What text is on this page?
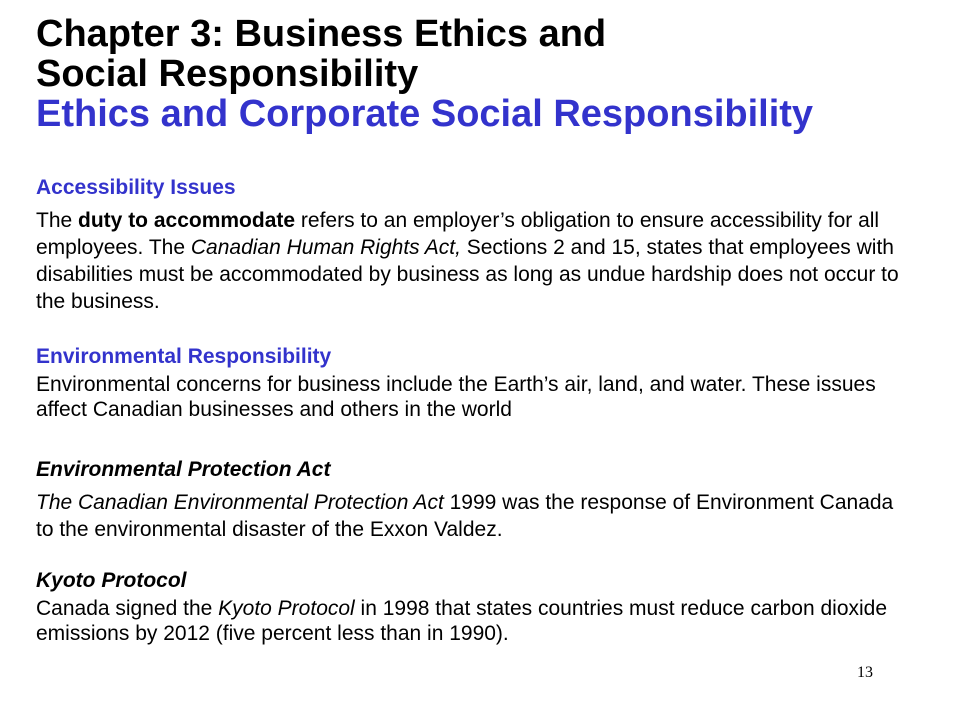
Chapter 3: Business Ethics and
Social Responsibility
Ethics and Corporate Social Responsibility
Accessibility Issues
The duty to accommodate refers to an employer’s obligation to ensure accessibility for all employees. The Canadian Human Rights Act, Sections 2 and 15, states that employees with disabilities must be accommodated by business as long as undue hardship does not occur to the business.
Environmental Responsibility
Environmental concerns for business include the Earth’s air, land, and water. These issues affect Canadian businesses and others in the world
Environmental Protection Act
The Canadian Environmental Protection Act 1999 was the response of Environment Canada to the environmental disaster of the Exxon Valdez.
Kyoto Protocol
Canada signed the Kyoto Protocol in 1998 that states countries must reduce carbon dioxide emissions by 2012 (five percent less than in 1990).
13
